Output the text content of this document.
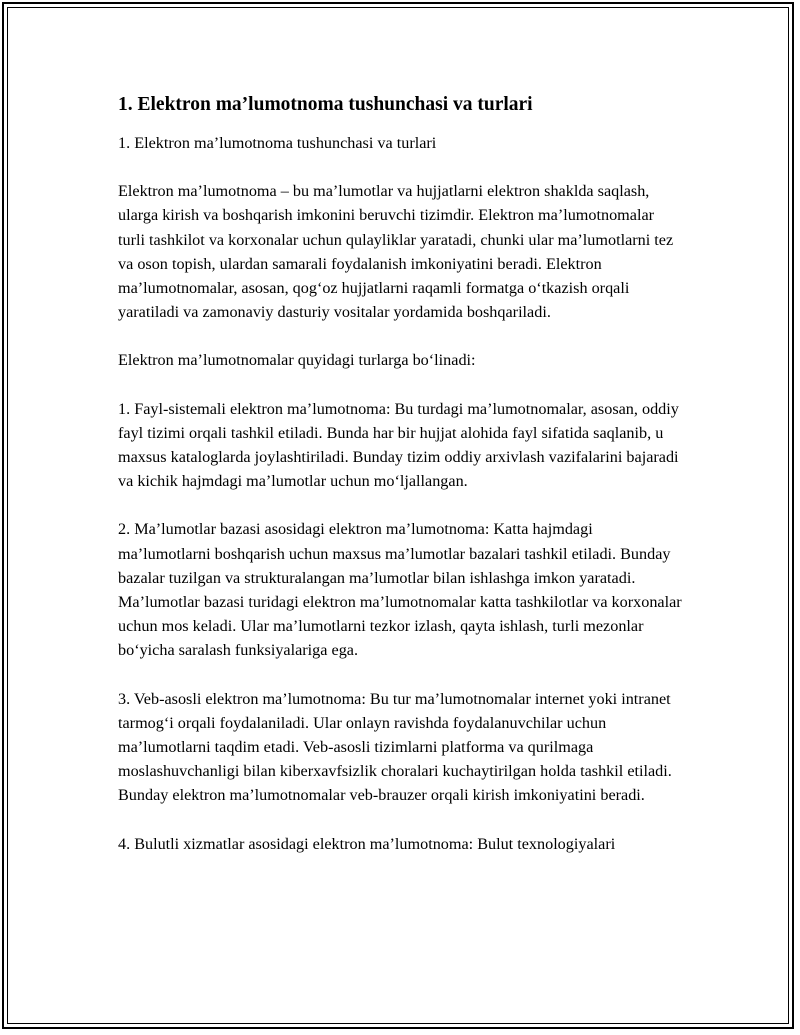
1. Elektron ma’lumotnoma tushunchasi va turlari

1. Elektron ma’lumotnoma tushunchasi va turlari

Elektron ma’lumotnoma – bu ma’lumotlar va hujjatlarni elektron shaklda saqlash, ularga kirish va boshqarish imkonini beruvchi tizimdir. Elektron ma’lumotnomalar turli tashkilot va korxonalar uchun qulayliklar yaratadi, chunki ular ma’lumotlarni tez va oson topish, ulardan samarali foydalanish imkoniyatini beradi. Elektron ma’lumotnomalar, asosan, qog‘oz hujjatlarni raqamli formatga o‘tkazish orqali yaratiladi va zamonaviy dasturiy vositalar yordamida boshqariladi.

Elektron ma’lumotnomalar quyidagi turlarga bo‘linadi:

1. Fayl-sistemali elektron ma’lumotnoma: Bu turdagi ma’lumotnomalar, asosan, oddiy fayl tizimi orqali tashkil etiladi. Bunda har bir hujjat alohida fayl sifatida saqlanib, u maxsus kataloglarda joylashtiriladi. Bunday tizim oddiy arxivlash vazifalarini bajaradi va kichik hajmdagi ma’lumotlar uchun mo‘ljallangan.

2. Ma’lumotlar bazasi asosidagi elektron ma’lumotnoma: Katta hajmdagi ma’lumotlarni boshqarish uchun maxsus ma’lumotlar bazalari tashkil etiladi. Bunday bazalar tuzilgan va strukturalangan ma’lumotlar bilan ishlashga imkon yaratadi. Ma’lumotlar bazasi turidagi elektron ma’lumotnomalar katta tashkilotlar va korxonalar uchun mos keladi. Ular ma’lumotlarni tezkor izlash, qayta ishlash, turli mezonlar bo‘yicha saralash funksiyalariga ega.

3. Veb-asosli elektron ma’lumotnoma: Bu tur ma’lumotnomalar internet yoki intranet tarmog‘i orqali foydalaniladi. Ular onlayn ravishda foydalanuvchilar uchun ma’lumotlarni taqdim etadi. Veb-asosli tizimlarni platforma va qurilmaga moslashuvchanligi bilan kiberxavfsizlik choralari kuchaytirilgan holda tashkil etiladi. Bunday elektron ma’lumotnomalar veb-brauzer orqali kirish imkoniyatini beradi.

4. Bulutli xizmatlar asosidagi elektron ma’lumotnoma: Bulut texnologiyalari
